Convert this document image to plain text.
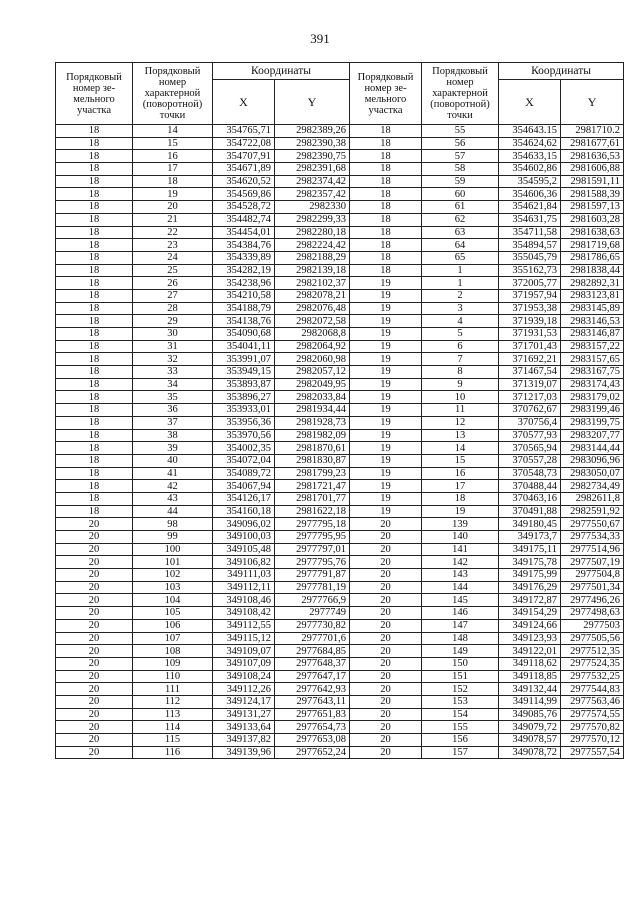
391
Порядковый номер зе- мельного участка	Порядковый номер характерной (поворотной) точки	Координаты		Порядковый номер зе- мельного участка	Порядковый номер характерной (поворотной) точки	Координаты	
		X	Y			X	Y
18	14	354765,71	2982389,26	18	55	354643.15	2981710.2
18	15	354722,08	2982390,38	18	56	354624,62	2981677,61
18	16	354707,91	2982390,75	18	57	354633,15	2981636,53
18	17	354671,89	2982391,68	18	58	354602,86	2981606,88
18	18	354620,52	2982374,42	18	59	354595,2	2981591,11
18	19	354569,86	2982357,42	18	60	354606,36	2981588,39
18	20	354528,72	2982330	18	61	354621,84	2981597,13
18	21	354482,74	2982299,33	18	62	354631,75	2981603,28
18	22	354454,01	2982280,18	18	63	354711,58	2981638,63
18	23	354384,76	2982224,42	18	64	354894,57	2981719,68
18	24	354339,89	2982188,29	18	65	355045,79	2981786,65
18	25	354282,19	2982139,18	18	1	355162,73	2981838,44
18	26	354238,96	2982102,37	19	1	372005,77	2982892,31
18	27	354210,58	2982078,21	19	2	371957,94	2983123,81
18	28	354188,79	2982076,48	19	3	371953,38	2983145,89
18	29	354138,76	2982072,58	19	4	371939,18	2983146,53
18	30	354090,68	2982068,8	19	5	371931,53	2983146,87
18	31	354041,11	2982064,92	19	6	371701,43	2983157,22
18	32	353991,07	2982060,98	19	7	371692,21	2983157,65
18	33	353949,15	2982057,12	19	8	371467,54	2983167,75
18	34	353893,87	2982049,95	19	9	371319,07	2983174,43
18	35	353896,27	2982033,84	19	10	371217,03	2983179,02
18	36	353933,01	2981934,44	19	11	370762,67	2983199,46
18	37	353956,36	2981928,73	19	12	370756,4	2983199,75
18	38	353970,56	2981982,09	19	13	370577,93	2983207,77
18	39	354002,35	2981870,61	19	14	370565,94	2983144,44
18	40	354072,04	2981830,87	19	15	370557,28	2983096,96
18	41	354089,72	2981799,23	19	16	370548,73	2983050,07
18	42	354067,94	2981721,47	19	17	370488,44	2982734,49
18	43	354126,17	2981701,77	19	18	370463,16	2982611,8
18	44	354160,18	2981622,18	19	19	370491,88	2982591,92
20	98	349096,02	2977795,18	20	139	349180,45	2977550,67
20	99	349100,03	2977795,95	20	140	349173,7	2977534,33
20	100	349105,48	2977797,01	20	141	349175,11	2977514,96
20	101	349106,82	2977795,76	20	142	349175,78	2977507,19
20	102	349111,03	2977791,87	20	143	349175,99	2977504,8
20	103	349112,11	2977781,19	20	144	349176,29	2977501,34
20	104	349108,46	2977766,9	20	145	349172,87	2977496,26
20	105	349108,42	2977749	20	146	349154,29	2977498,63
20	106	349112,55	2977730,82	20	147	349124,66	2977503
20	107	349115,12	2977701,6	20	148	349123,93	2977505,56
20	108	349109,07	2977684,85	20	149	349122,01	2977512,35
20	109	349107,09	2977648,37	20	150	349118,62	2977524,35
20	110	349108,24	2977647,17	20	151	349118,85	2977532,25
20	111	349112,26	2977642,93	20	152	349132,44	2977544,83
20	112	349124,17	2977643,11	20	153	349114,99	2977563,46
20	113	349131,27	2977651,83	20	154	349085,76	2977574,55
20	114	349133,64	2977654,73	20	155	349079,72	2977570,82
20	115	349137,82	2977653,08	20	156	349078,57	2977570,12
20	116	349139,96	2977652,24	20	157	349078,72	2977557,54
